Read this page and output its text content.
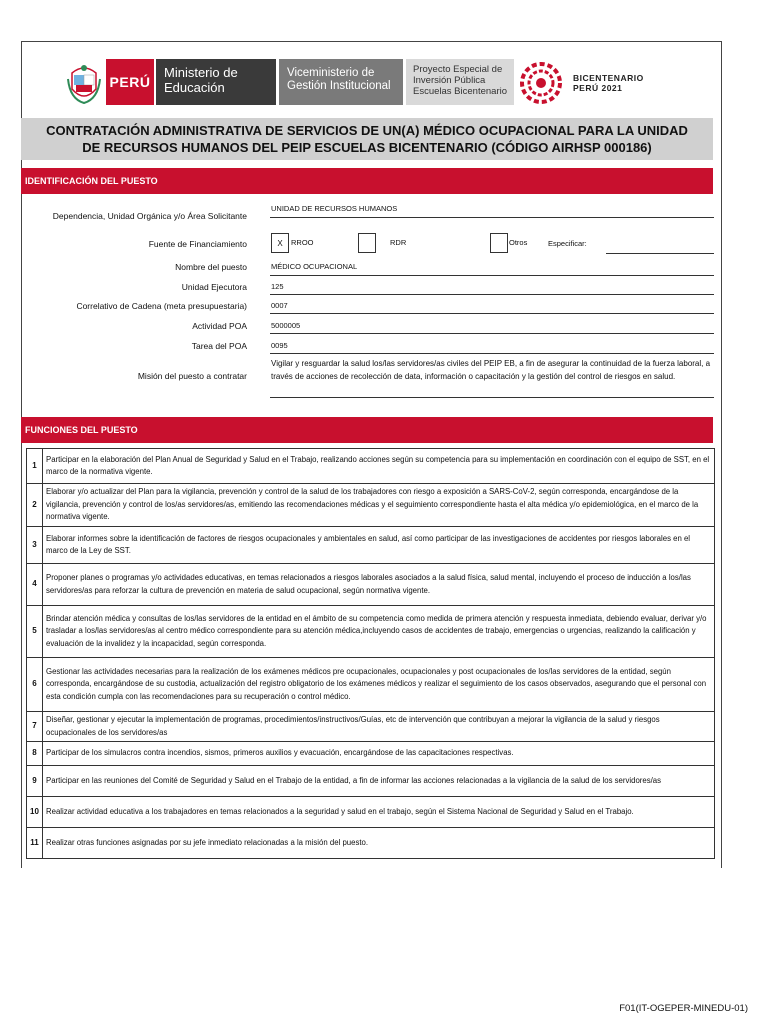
PERÚ
Ministerio de Educación
Viceministerio de Gestión Institucional
Proyecto Especial de Inversión Pública Escuelas Bicentenario
BICENTENARIO
PERÚ 2021
CONTRATACIÓN ADMINISTRATIVA DE SERVICIOS DE UN(A) MÉDICO OCUPACIONAL PARA LA UNIDAD DE RECURSOS HUMANOS DEL PEIP ESCUELAS BICENTENARIO (CÓDIGO AIRHSP 000186)
IDENTIFICACIÓN DEL PUESTO
Dependencia, Unidad Orgánica y/o Área Solicitante
UNIDAD DE RECURSOS HUMANOS
Fuente de Financiamiento	X	RROO	RDR	Otros	Especificar:
Nombre del puesto	MÉDICO OCUPACIONAL
Unidad Ejecutora	125
Correlativo de Cadena (meta presupuestaria)	0007
Actividad POA	5000005
Tarea del POA	0095
Misión del puesto a contratar
Vigilar y resguardar la salud los/las servidores/as civiles del PEIP EB, a fin de asegurar la continuidad de la fuerza laboral, a través de acciones de recolección de data, información o capacitación y la gestión del control de riesgos en salud.
FUNCIONES DEL PUESTO
1	Participar en la elaboración del Plan Anual de Seguridad y Salud en el Trabajo, realizando acciones según su competencia para su implementación en coordinación con el equipo de SST, en el marco de la normativa vigente.
2	Elaborar y/o actualizar del Plan para la vigilancia, prevención y control de la salud de los trabajadores con riesgo a exposición a SARS-CoV-2, según corresponda, encargándose de la vigilancia, prevención y control de los/as servidores/as, emitiendo las recomendaciones médicas y el seguimiento correspondiente hasta el alta médica y/o epidemiológica, en el marco de la normativa vigente.
3	Elaborar informes sobre la identificación de factores de riesgos ocupacionales y ambientales en salud, así como participar de las investigaciones de accidentes por riesgos laborales en el marco de la Ley de SST.
4	Proponer planes o programas y/o actividades educativas, en temas relacionados a riesgos laborales asociados a la salud física, salud mental, incluyendo el proceso de inducción a los/las servidores/as para reforzar la cultura de prevención en materia de salud ocupacional, según normativa vigente.
5	Brindar atención médica y consultas de los/las servidores de la entidad en el ámbito de su competencia como medida de primera atención y respuesta inmediata, debiendo evaluar, derivar y/o trasladar a los/las servidores/as al centro médico correspondiente para su atención médica,incluyendo casos de accidentes de trabajo, emergencias o urgencias, realizando la calificación y evaluación de la invalidez y la incapacidad, según corresponda.
6	Gestionar las actividades necesarias para la realización de los exámenes médicos pre ocupacionales, ocupacionales y post ocupacionales de los/las servidores de la entidad, según corresponda, encargándose de su custodia, actualización del registro obligatorio de los exámenes médicos y realizar el seguimiento de los casos observados, asegurando que el personal con esta condición cumpla con las recomendaciones para su recuperación o control médico.
7	Diseñar, gestionar y ejecutar la implementación de programas, procedimientos/instructivos/Guías, etc de intervención que contribuyan a mejorar la vigilancia de la salud y riesgos ocupacionales de los servidores/as
8	Participar de los simulacros contra incendios, sismos, primeros auxilios y evacuación, encargándose de las capacitaciones respectivas.
9	Participar en las reuniones del Comité de Seguridad y Salud en el Trabajo de la entidad, a fin de informar las acciones relacionadas a la vigilancia de la salud de los servidores/as
10	Realizar actividad educativa a los trabajadores en temas relacionados a la seguridad y salud en el trabajo, según el Sistema Nacional de Seguridad y Salud en el Trabajo.
11	Realizar otras funciones asignadas por su jefe inmediato relacionadas a la misión del puesto.
F01(IT-OGEPER-MINEDU-01)
